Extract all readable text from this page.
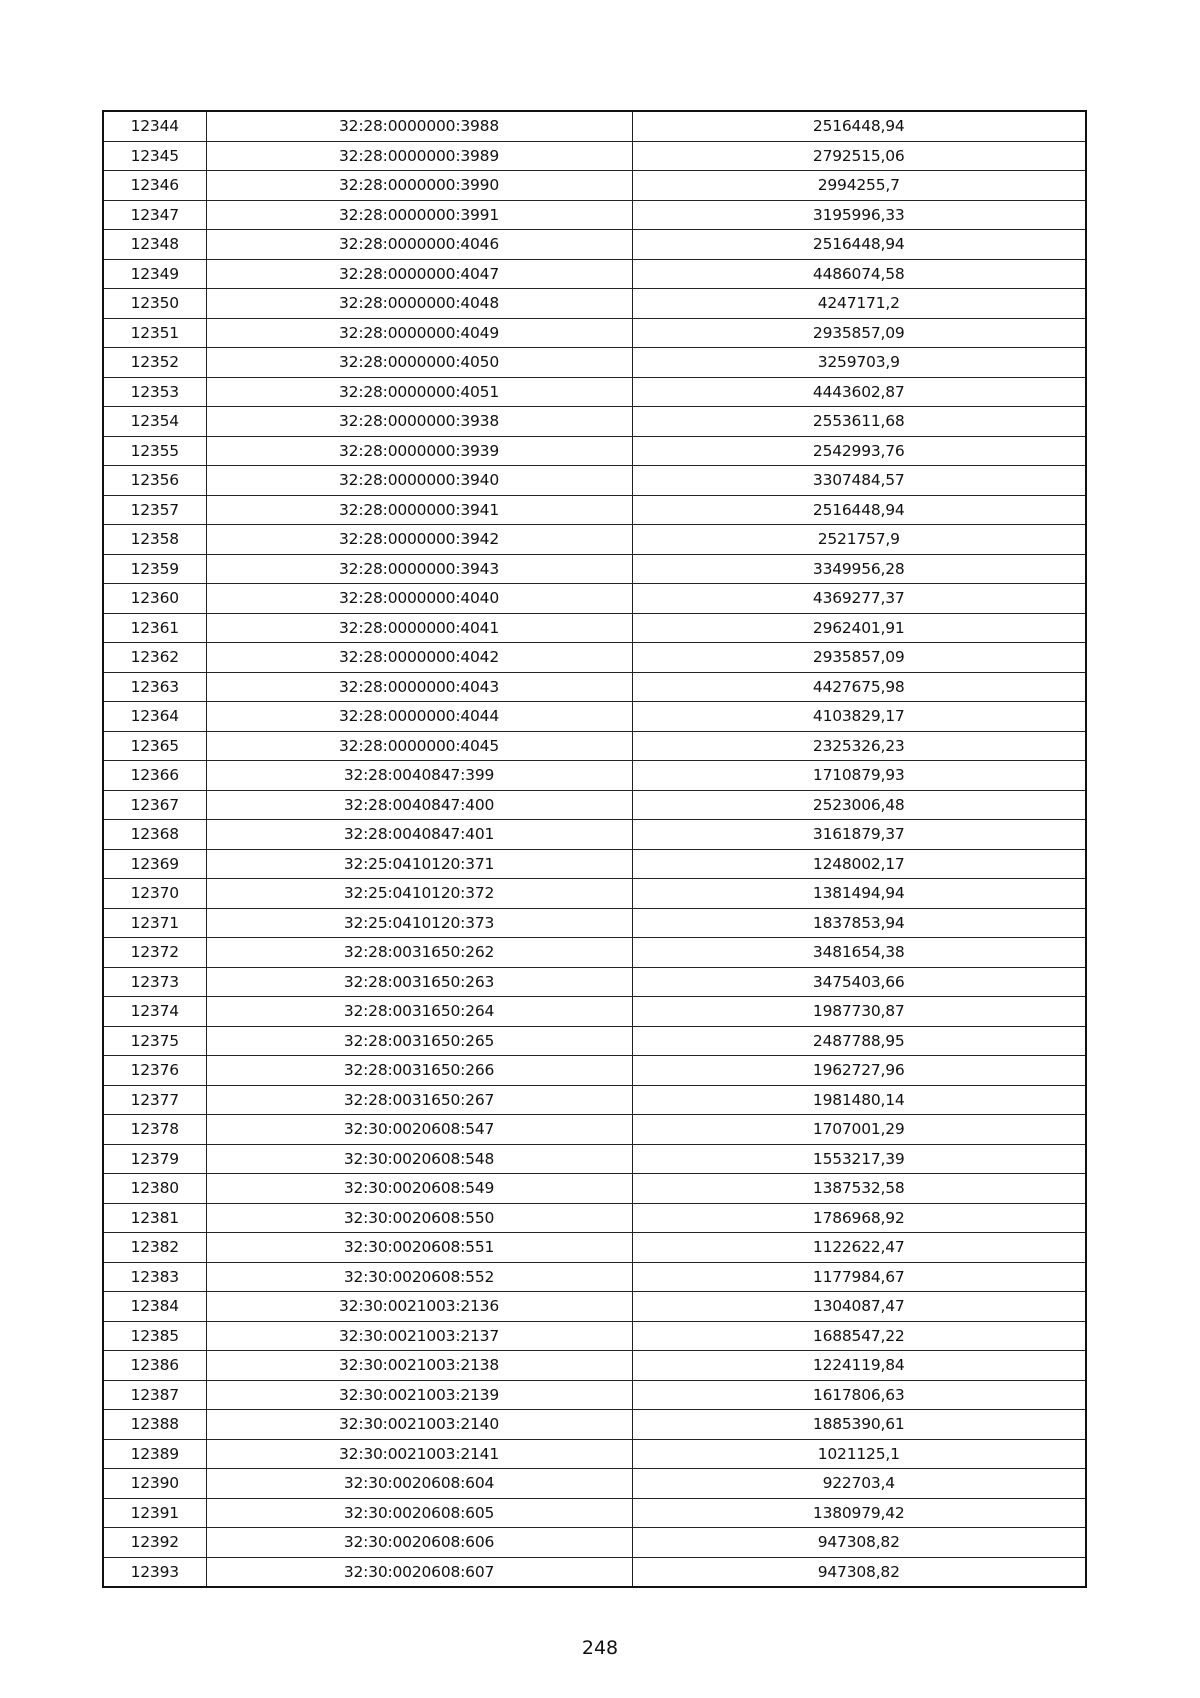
12344	32:28:0000000:3988	2516448,94
12345	32:28:0000000:3989	2792515,06
12346	32:28:0000000:3990	2994255,7
12347	32:28:0000000:3991	3195996,33
12348	32:28:0000000:4046	2516448,94
12349	32:28:0000000:4047	4486074,58
12350	32:28:0000000:4048	4247171,2
12351	32:28:0000000:4049	2935857,09
12352	32:28:0000000:4050	3259703,9
12353	32:28:0000000:4051	4443602,87
12354	32:28:0000000:3938	2553611,68
12355	32:28:0000000:3939	2542993,76
12356	32:28:0000000:3940	3307484,57
12357	32:28:0000000:3941	2516448,94
12358	32:28:0000000:3942	2521757,9
12359	32:28:0000000:3943	3349956,28
12360	32:28:0000000:4040	4369277,37
12361	32:28:0000000:4041	2962401,91
12362	32:28:0000000:4042	2935857,09
12363	32:28:0000000:4043	4427675,98
12364	32:28:0000000:4044	4103829,17
12365	32:28:0000000:4045	2325326,23
12366	32:28:0040847:399	1710879,93
12367	32:28:0040847:400	2523006,48
12368	32:28:0040847:401	3161879,37
12369	32:25:0410120:371	1248002,17
12370	32:25:0410120:372	1381494,94
12371	32:25:0410120:373	1837853,94
12372	32:28:0031650:262	3481654,38
12373	32:28:0031650:263	3475403,66
12374	32:28:0031650:264	1987730,87
12375	32:28:0031650:265	2487788,95
12376	32:28:0031650:266	1962727,96
12377	32:28:0031650:267	1981480,14
12378	32:30:0020608:547	1707001,29
12379	32:30:0020608:548	1553217,39
12380	32:30:0020608:549	1387532,58
12381	32:30:0020608:550	1786968,92
12382	32:30:0020608:551	1122622,47
12383	32:30:0020608:552	1177984,67
12384	32:30:0021003:2136	1304087,47
12385	32:30:0021003:2137	1688547,22
12386	32:30:0021003:2138	1224119,84
12387	32:30:0021003:2139	1617806,63
12388	32:30:0021003:2140	1885390,61
12389	32:30:0021003:2141	1021125,1
12390	32:30:0020608:604	922703,4
12391	32:30:0020608:605	1380979,42
12392	32:30:0020608:606	947308,82
12393	32:30:0020608:607	947308,82
248
